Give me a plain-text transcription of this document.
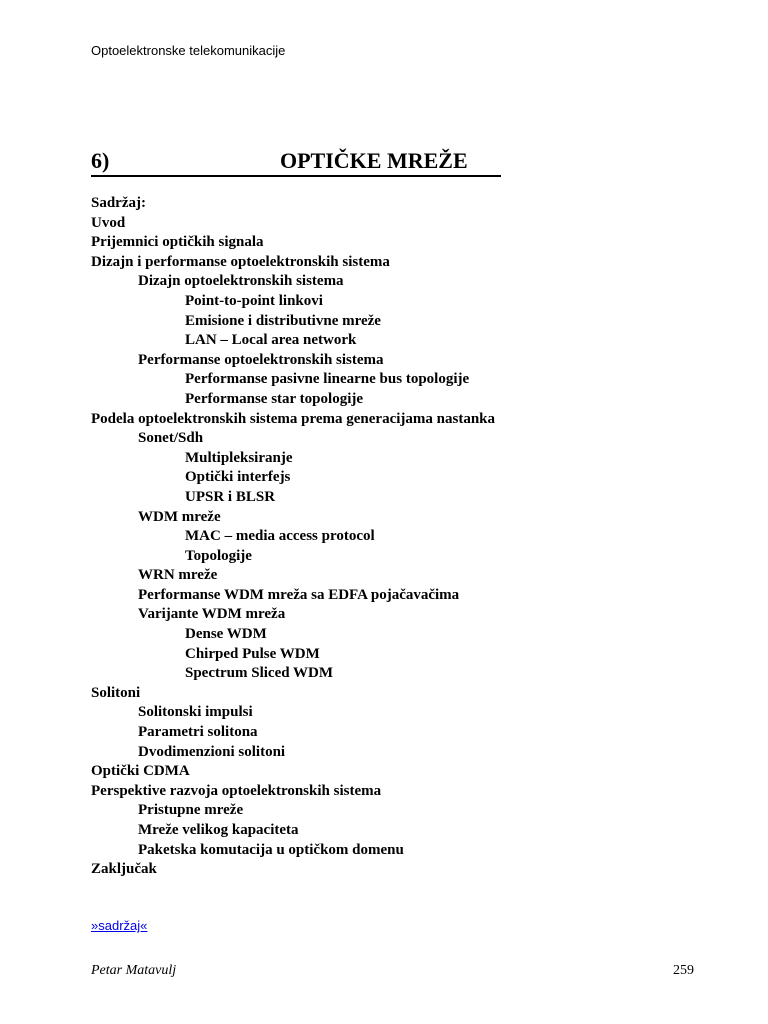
Optoelektronske telekomunikacije
6)	OPTIČKE MREŽE
Sadržaj:
Uvod
Prijemnici optičkih signala
Dizajn i performanse optoelektronskih sistema
Dizajn optoelektronskih sistema
Point-to-point linkovi
Emisione i distributivne mreže
LAN – Local area network
Performanse optoelektronskih sistema
Performanse pasivne linearne bus topologije
Performanse star topologije
Podela optoelektronskih sistema prema generacijama nastanka
Sonet/Sdh
Multipleksiranje
Optički interfejs
UPSR i BLSR
WDM mreže
MAC – media access protocol
Topologije
WRN mreže
Performanse WDM mreža sa EDFA pojačavačima
Varijante WDM mreža
Dense WDM
Chirped Pulse WDM
Spectrum Sliced WDM
Solitoni
Solitonski impulsi
Parametri solitona
Dvodimenzioni solitoni
Optički CDMA
Perspektive razvoja optoelektronskih sistema
Pristupne mreže
Mreže velikog kapaciteta
Paketska komutacija u optičkom domenu
Zaključak
»sadržaj«
Petar Matavulj	259
